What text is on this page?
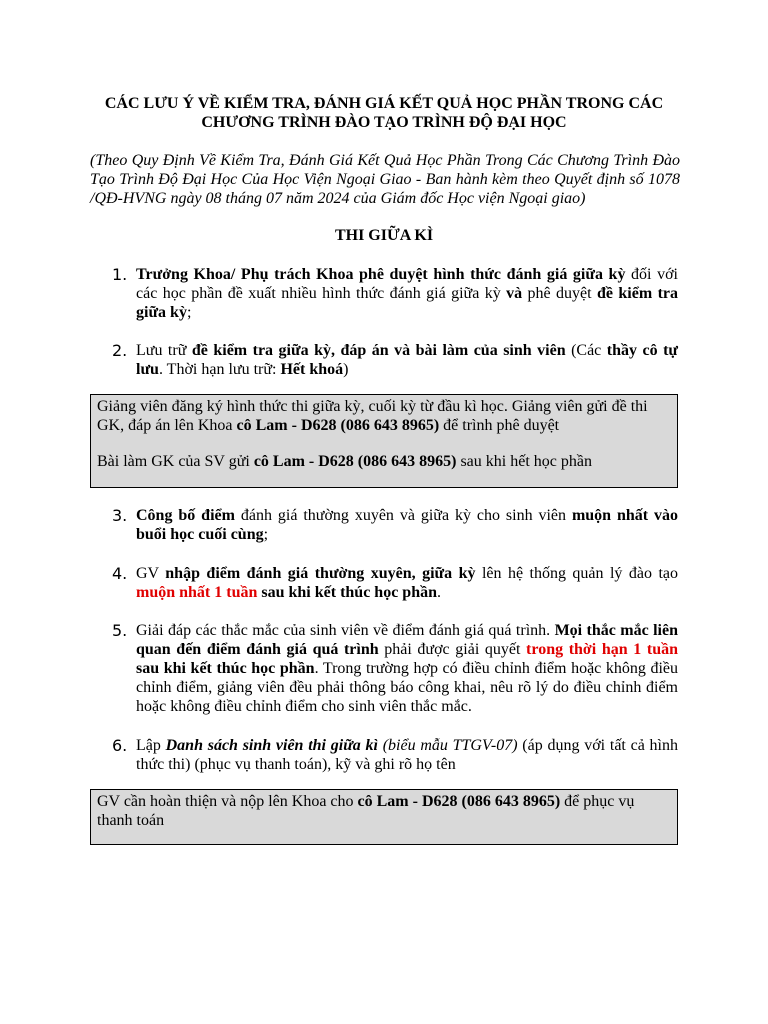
CÁC LƯU Ý VỀ KIỂM TRA, ĐÁNH GIÁ KẾT QUẢ HỌC PHẦN TRONG CÁC
CHƯƠNG TRÌNH ĐÀO TẠO TRÌNH ĐỘ ĐẠI HỌC
(Theo Quy Định Về Kiểm Tra, Đánh Giá Kết Quả Học Phần Trong Các Chương Trình Đào Tạo Trình Độ Đại Học Của Học Viện Ngoại Giao - Ban hành kèm theo Quyết định số 1078 /QĐ-HVNG ngày 08 tháng 07 năm 2024 của Giám đốc Học viện Ngoại giao)
THI GIỮA KÌ
1. Trưởng Khoa/ Phụ trách Khoa phê duyệt hình thức đánh giá giữa kỳ đối với các học phần đề xuất nhiều hình thức đánh giá giữa kỳ và phê duyệt đề kiểm tra giữa kỳ;
2. Lưu trữ đề kiểm tra giữa kỳ, đáp án và bài làm của sinh viên (Các thầy cô tự lưu. Thời hạn lưu trữ: Hết khoá)

Giảng viên đăng ký hình thức thi giữa kỳ, cuối kỳ từ đầu kì học. Giảng viên gửi đề thi GK, đáp án lên Khoa cô Lam - D628 (086 643 8965) để trình phê duyệt

Bài làm GK của SV gửi cô Lam - D628 (086 643 8965) sau khi hết học phần

3. Công bố điểm đánh giá thường xuyên và giữa kỳ cho sinh viên muộn nhất vào buổi học cuối cùng;
4. GV nhập điểm đánh giá thường xuyên, giữa kỳ lên hệ thống quản lý đào tạo muộn nhất 1 tuần sau khi kết thúc học phần.
5. Giải đáp các thắc mắc của sinh viên về điểm đánh giá quá trình. Mọi thắc mắc liên quan đến điểm đánh giá quá trình phải được giải quyết trong thời hạn 1 tuần sau khi kết thúc học phần. Trong trường hợp có điều chỉnh điểm hoặc không điều chỉnh điểm, giảng viên đều phải thông báo công khai, nêu rõ lý do điều chỉnh điểm hoặc không điều chỉnh điểm cho sinh viên thắc mắc.
6. Lập Danh sách sinh viên thi giữa kì (biểu mẫu TTGV-07) (áp dụng với tất cả hình thức thi) (phục vụ thanh toán), kỹ và ghi rõ họ tên

GV cần hoàn thiện và nộp lên Khoa cho cô Lam - D628 (086 643 8965) để phục vụ thanh toán
